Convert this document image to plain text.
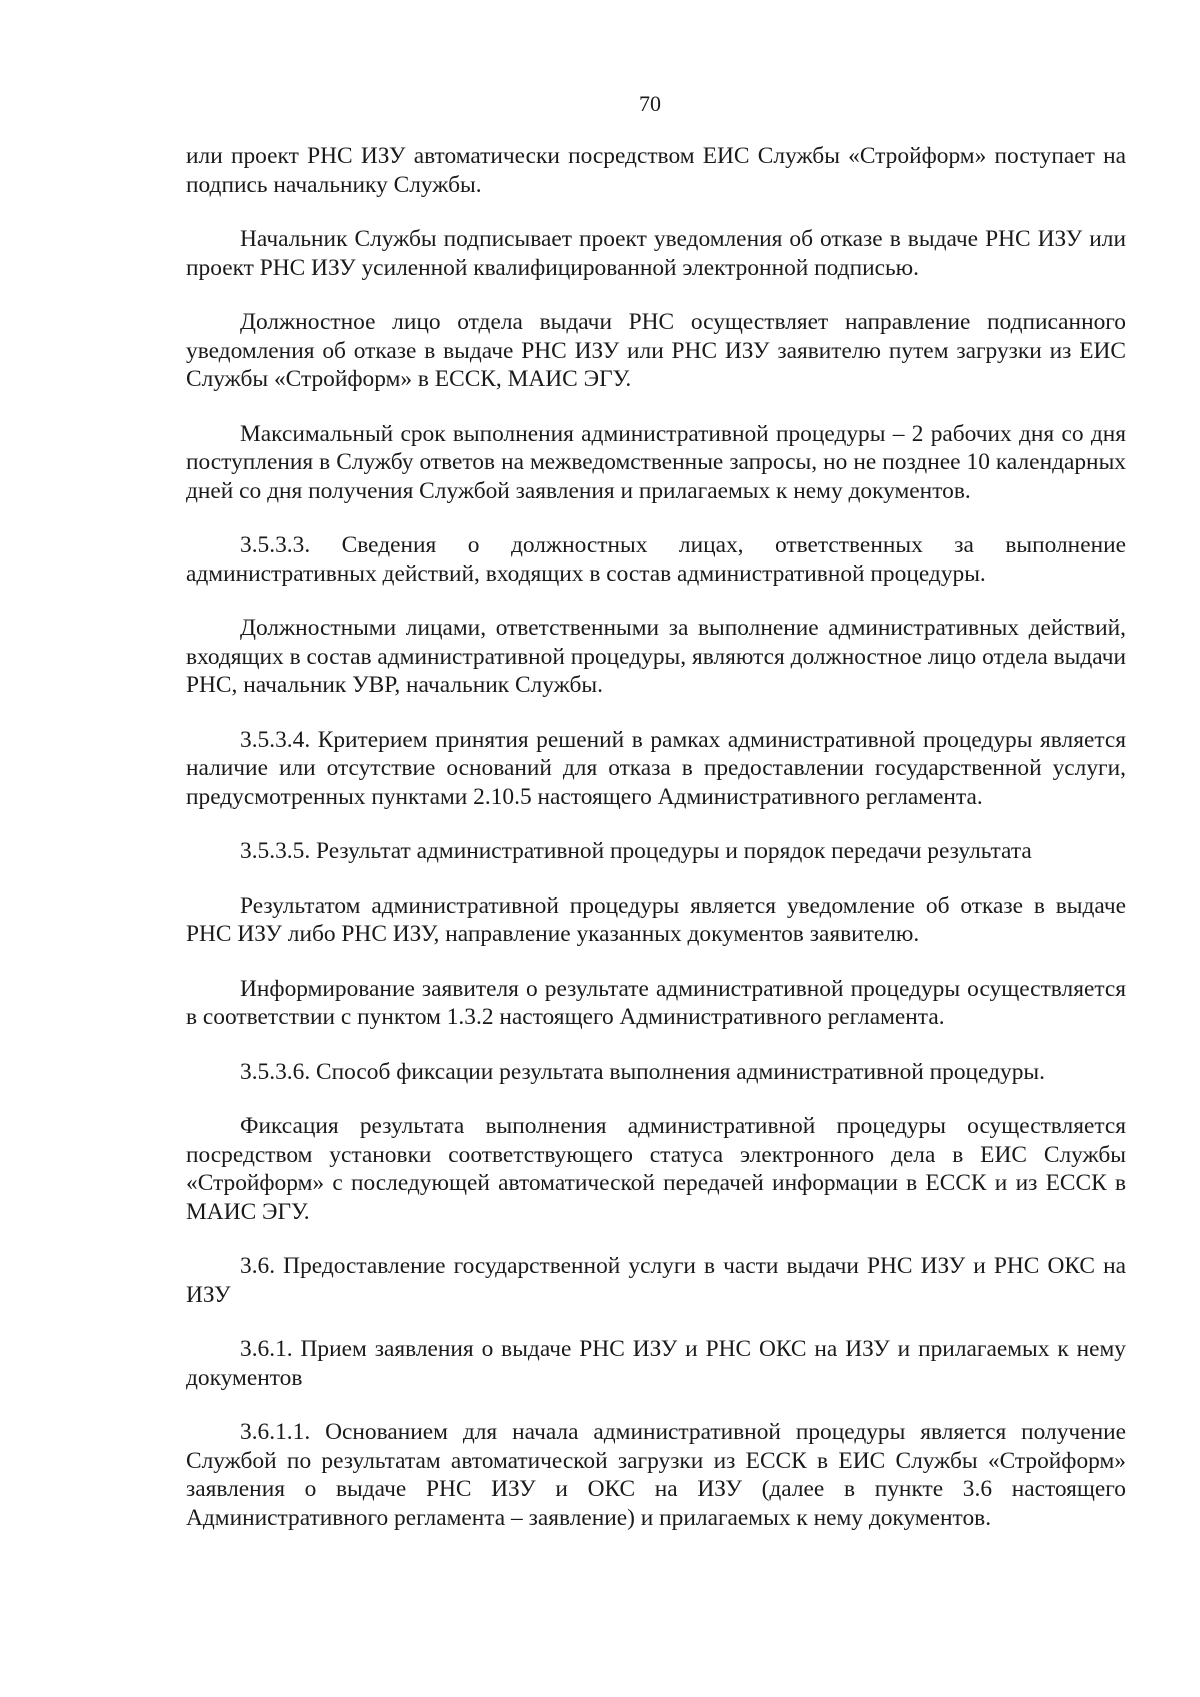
70

или проект РНС ИЗУ автоматически посредством ЕИС Службы «Стройформ» поступает на подпись начальнику Службы.

Начальник Службы подписывает проект уведомления об отказе в выдаче РНС ИЗУ или проект РНС ИЗУ усиленной квалифицированной электронной подписью.

Должностное лицо отдела выдачи РНС осуществляет направление подписанного уведомления об отказе в выдаче РНС ИЗУ или РНС ИЗУ заявителю путем загрузки из ЕИС Службы «Стройформ» в ЕССК, МАИС ЭГУ.

Максимальный срок выполнения административной процедуры – 2 рабочих дня со дня поступления в Службу ответов на межведомственные запросы, но не позднее 10 календарных дней со дня получения Службой заявления и прилагаемых к нему документов.

3.5.3.3. Сведения о должностных лицах, ответственных за выполнение административных действий, входящих в состав административной процедуры.

Должностными лицами, ответственными за выполнение административных действий, входящих в состав административной процедуры, являются должностное лицо отдела выдачи РНС, начальник УВР, начальник Службы.

3.5.3.4. Критерием принятия решений в рамках административной процедуры является наличие или отсутствие оснований для отказа в предоставлении государственной услуги, предусмотренных пунктами 2.10.5 настоящего Административного регламента.

3.5.3.5. Результат административной процедуры и порядок передачи результата

Результатом административной процедуры является уведомление об отказе в выдаче РНС ИЗУ либо РНС ИЗУ, направление указанных документов заявителю.

Информирование заявителя о результате административной процедуры осуществляется в соответствии с пунктом 1.3.2 настоящего Административного регламента.

3.5.3.6. Способ фиксации результата выполнения административной процедуры.

Фиксация результата выполнения административной процедуры осуществляется посредством установки соответствующего статуса электронного дела в ЕИС Службы «Стройформ» с последующей автоматической передачей информации в ЕССК и из ЕССК в МАИС ЭГУ.

3.6. Предоставление государственной услуги в части выдачи РНС ИЗУ и РНС ОКС на ИЗУ

3.6.1. Прием заявления о выдаче РНС ИЗУ и РНС ОКС на ИЗУ и прилагаемых к нему документов

3.6.1.1. Основанием для начала административной процедуры является получение Службой по результатам автоматической загрузки из ЕССК в ЕИС Службы «Стройформ» заявления о выдаче РНС ИЗУ и ОКС на ИЗУ (далее в пункте 3.6 настоящего Административного регламента – заявление) и прилагаемых к нему документов.
